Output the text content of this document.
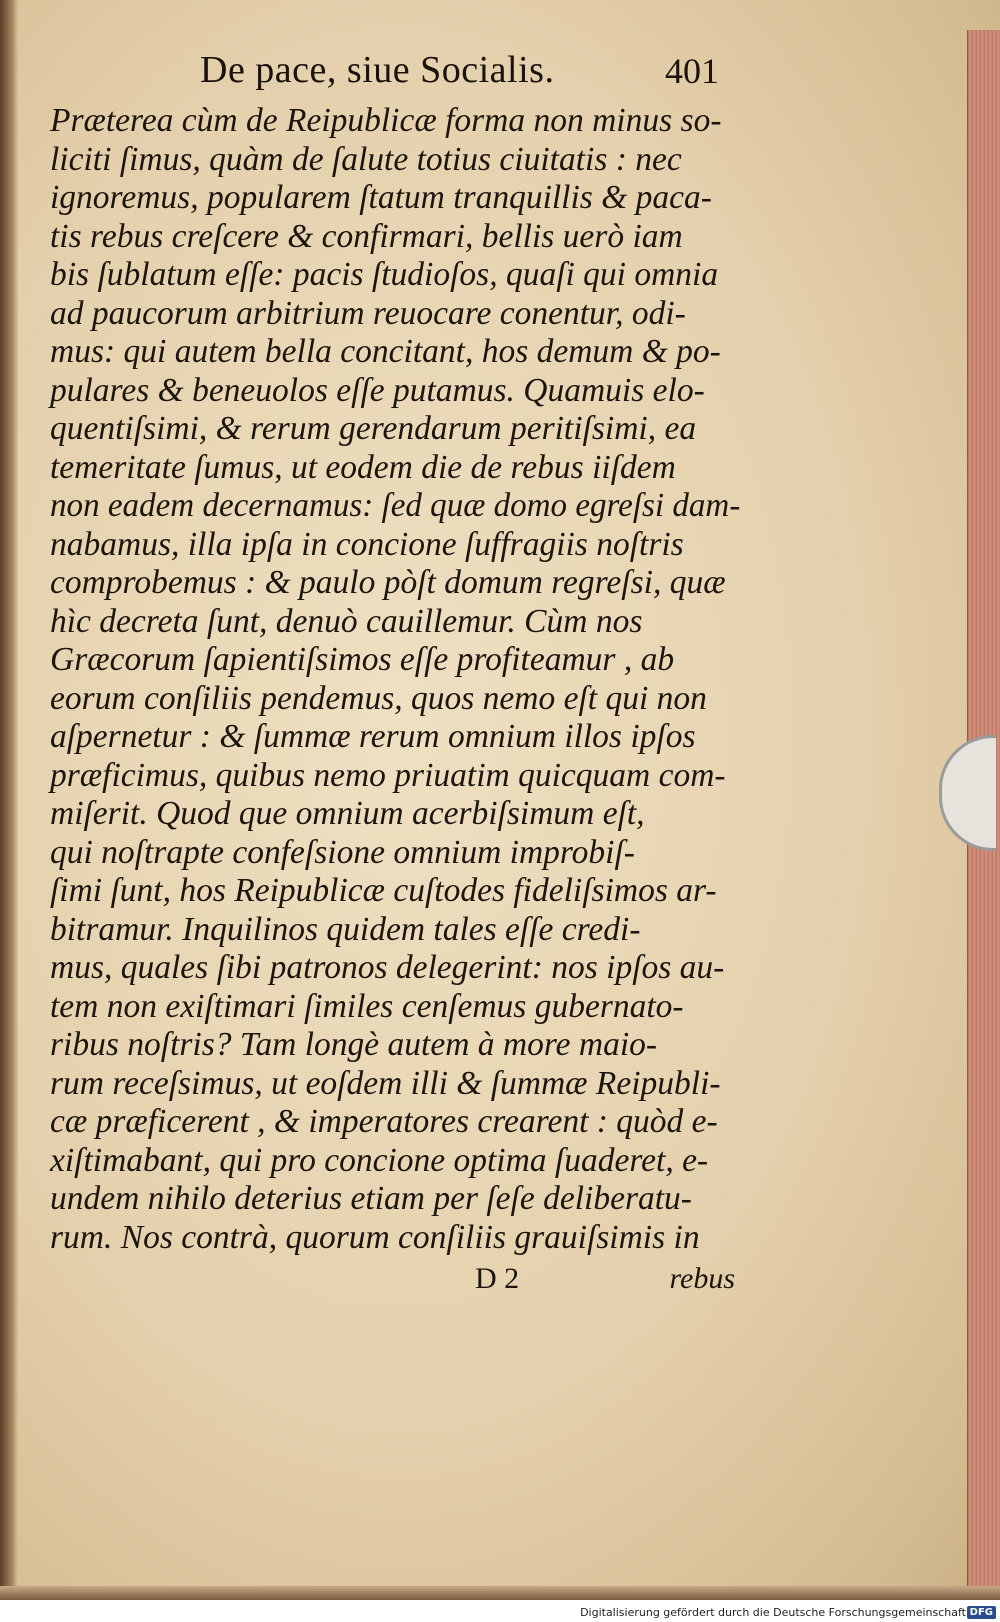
De pace, siue Socialis.	401
Præterea cùm de Reipublicæ forma non minus so-
liciti ſimus, quàm de ſalute totius ciuitatis : nec
ignoremus, popularem ſtatum tranquillis & paca-
tis rebus creſcere & confirmari, bellis uerò iam
bis ſublatum eſſe: pacis ſtudioſos, quaſi qui omnia
ad paucorum arbitrium reuocare conentur, odi-
mus: qui autem bella concitant, hos demum & po-
pulares & beneuolos eſſe putamus. Quamuis elo-
quentiſsimi, & rerum gerendarum peritiſsimi, ea
temeritate ſumus, ut eodem die de rebus iiſdem
non eadem decernamus: ſed quæ domo egreſsi dam-
nabamus, illa ipſa in concione ſuffragiis noſtris
comprobemus : & paulo pòſt domum regreſsi, quæ
hìc decreta ſunt, denuò cauillemur. Cùm nos
Græcorum ſapientiſsimos eſſe profiteamur , ab
eorum conſiliis pendemus, quos nemo eſt qui non
aſpernetur : & ſummæ rerum omnium illos ipſos
præficimus, quibus nemo priuatim quicquam com-
miſerit. Quod que omnium acerbiſsimum eſt,
qui noſtrapte confeſsione omnium improbiſ-
ſimi ſunt, hos Reipublicæ cuſtodes fideliſsimos ar-
bitramur. Inquilinos quidem tales eſſe credi-
mus, quales ſibi patronos delegerint: nos ipſos au-
tem non exiſtimari ſimiles cenſemus gubernato-
ribus noſtris? Tam longè autem à more maio-
rum receſsimus, ut eoſdem illi & ſummæ Reipubli-
cæ præficerent , & imperatores crearent : quòd e-
xiſtimabant, qui pro concione optima ſuaderet, e-
undem nihilo deterius etiam per ſeſe deliberatu-
rum. Nos contrà, quorum conſiliis grauiſsimis in
D 2	rebus
Digitalisierung gefördert durch die Deutsche Forschungsgemeinschaft DFG
